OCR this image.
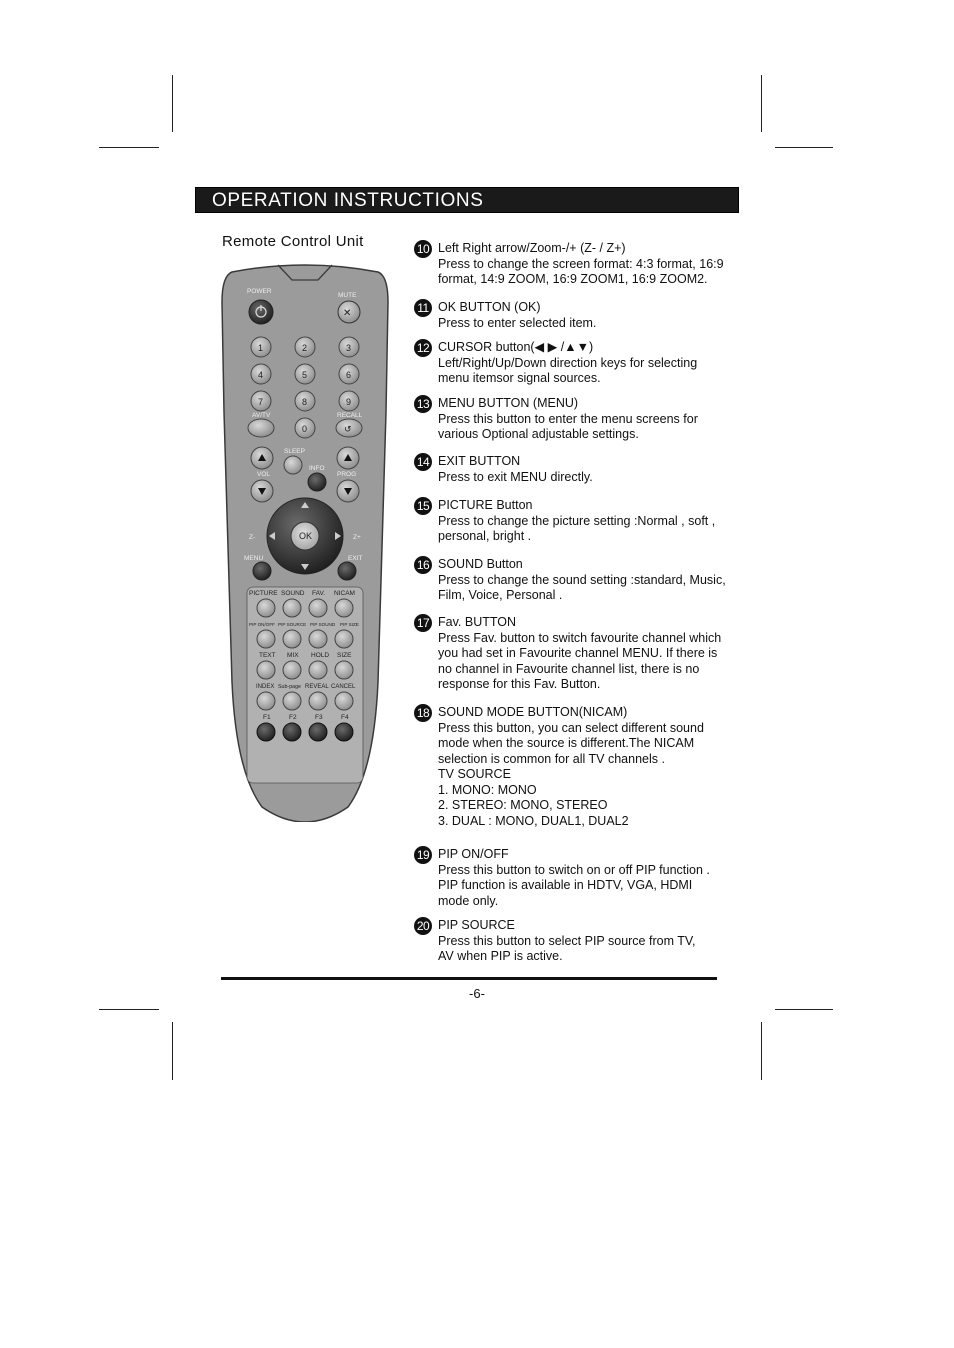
OPERATION INSTRUCTIONS
Remote Control Unit
POWER
MUTE
✕
1	2	3
4	5	6
7	8	9
AV/TV
0
RECALL
↺
SLEEP
VOL
INFO
PROG
OK
Z-	Z+
MENU	EXIT
PICTURE SOUND FAV. NICAM
PIP ON/OFF PIP SOURCE PIP SOUND PIP SIZE
TEXT MIX HOLD SIZE
INDEX Sub-page REVEAL CANCEL
F1	F2	F3	F4
10 Left Right arrow/Zoom-/+ (Z- / Z+)
Press to change the screen format: 4:3 format, 16:9
format, 14:9 ZOOM, 16:9 ZOOM1, 16:9 ZOOM2.
11 OK BUTTON (OK)
Press to enter selected item.
12 CURSOR button(◀ ▶ /▲▼)
Left/Right/Up/Down direction keys for selecting
menu itemsor signal sources.
13 MENU BUTTON (MENU)
Press this button to enter the menu screens for
various Optional adjustable settings.
14 EXIT BUTTON
Press to exit MENU directly.
15 PICTURE Button
Press to change the picture setting :Normal , soft ,
personal, bright .
16 SOUND Button
Press to change the sound setting :standard, Music,
Film, Voice, Personal .
17 Fav. BUTTON
Press Fav. button to switch favourite channel which
you had set in Favourite channel MENU. If there is
no channel in Favourite channel list, there is no
response for this Fav. Button.
18 SOUND MODE BUTTON(NICAM)
Press this button, you can select different sound
mode when the source is different.The NICAM
selection is common for all TV channels .
TV SOURCE
1. MONO: MONO
2. STEREO: MONO, STEREO
3. DUAL : MONO, DUAL1, DUAL2
19 PIP ON/OFF
Press this button to switch on or off PIP function .
PIP function is available in HDTV, VGA, HDMI
mode only.
20 PIP SOURCE
Press this button to select PIP source from TV,
AV when PIP is active.
-6-
